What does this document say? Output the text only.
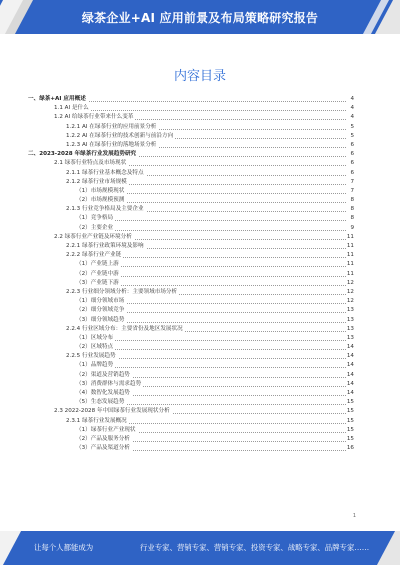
绿茶企业+AI 应用前景及布局策略研究报告
内容目录
一、绿茶+AI 应用概述	4
1.1 AI 是什么	4
1.2 AI 给绿茶行业带来什么变革	4
1.2.1 AI 在绿茶行业的应用前景分析	5
1.2.2 AI 在绿茶行业的技术创新与前沿方向	5
1.2.3 AI 在绿茶行业的落地场景分析	6
二、2023-2028 年绿茶行业发展趋势研究	6
2.1 绿茶行业特点及市场现状	6
2.1.1 绿茶行业基本概念及特点	6
2.1.2 绿茶行业市场规模	7
（1）市场规模现状	7
（2）市场规模预测	8
2.1.3 行业竞争格局及主要企业	8
（1）竞争格局	8
（2）主要企业	9
2.2 绿茶行业产业链及环境分析	11
2.2.1 绿茶行业政策环境及影响	11
2.2.2 绿茶行业产业链	11
（1）产业链上游	11
（2）产业链中游	11
（3）产业链下游	12
2.2.3 行业细分领域分析：主要领域市场分析	12
（1）细分领域市场	12
（2）细分领域竞争	13
（3）细分领域趋势	13
2.2.4 行业区域分布：主要省份及地区发展状况	13
（1）区域分布	13
（2）区域特点	14
2.2.5 行业发展趋势	14
（1）品牌趋势	14
（2）渠道及营销趋势	14
（3）消费群体与需求趋势	14
（4）数智化发展趋势	14
（5）生态发展趋势	15
2.3 2022-2028 年中国绿茶行业发展现状分析	15
2.3.1 绿茶行业发展概况	15
（1）绿茶行业产业现状	15
（2）产品及服务分析	15
（3）产品及渠道分析	16
1
让每个人都能成为	行业专家、营销专家、营销专家、投资专家、战略专家、品牌专家……
